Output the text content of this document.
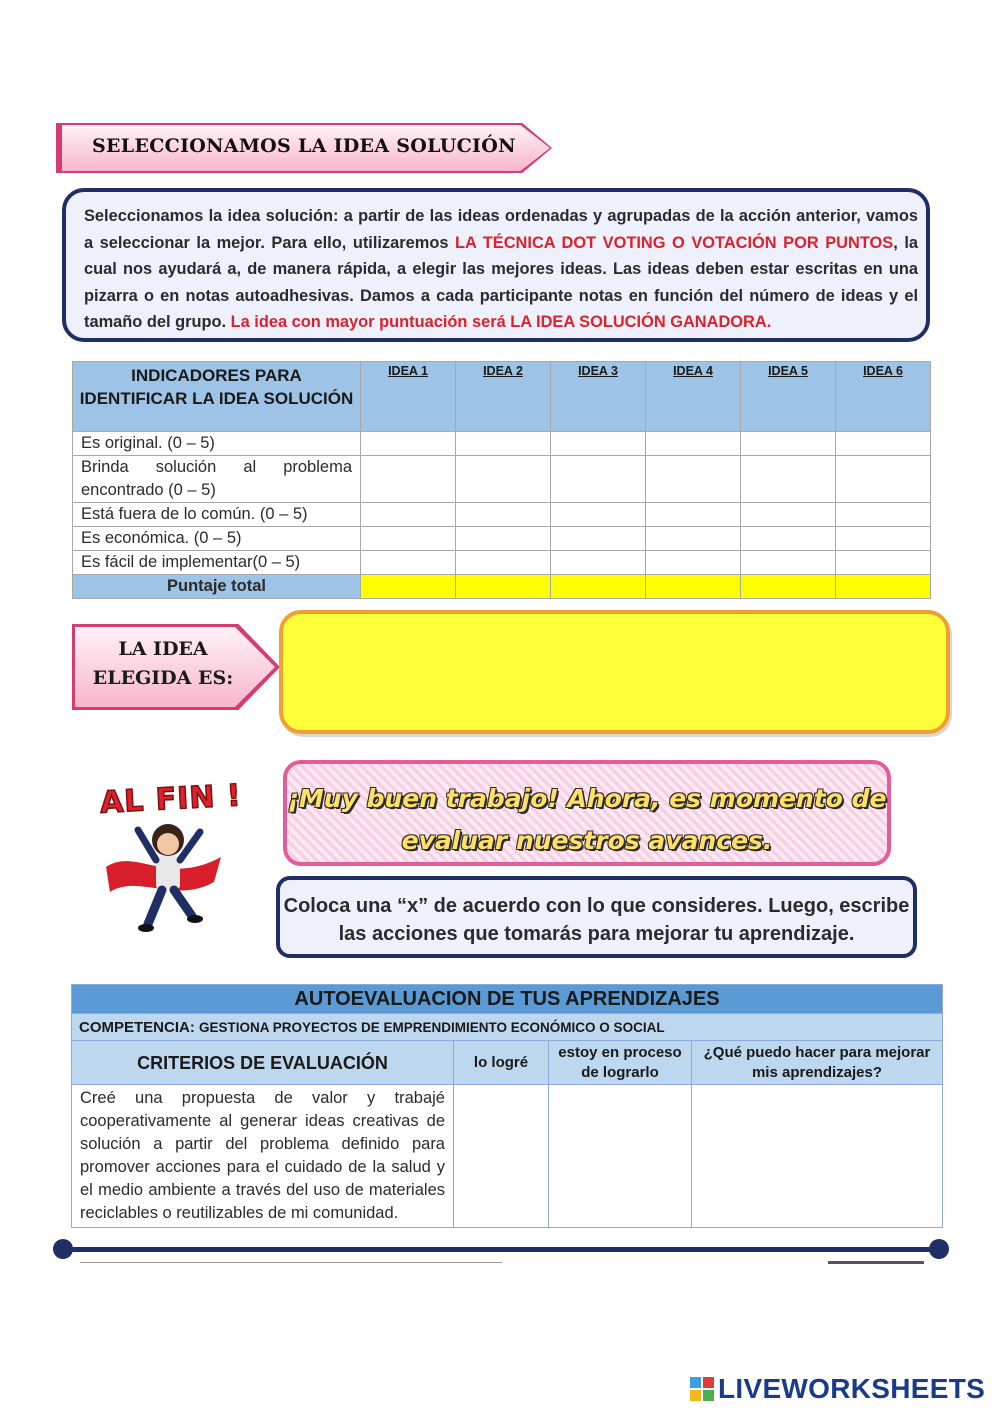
SELECCIONAMOS LA IDEA SOLUCIÓN
Seleccionamos la idea solución: a partir de las ideas ordenadas y agrupadas de la acción anterior, vamos a seleccionar la mejor. Para ello, utilizaremos LA TÉCNICA DOT VOTING O VOTACIÓN POR PUNTOS, la cual nos ayudará a, de manera rápida, a elegir las mejores ideas. Las ideas deben estar escritas en una pizarra o en notas autoadhesivas. Damos a cada participante notas en función del número de ideas y el tamaño del grupo. La idea con mayor puntuación será LA IDEA SOLUCIÓN GANADORA.
INDICADORES PARA IDENTIFICAR LA IDEA SOLUCIÓN	IDEA 1	IDEA 2	IDEA 3	IDEA 4	IDEA 5	IDEA 6
Es original. (0 – 5)						
Brinda solución al problema encontrado (0 – 5)						
Está fuera de lo común. (0 – 5)						
Es económica. (0 – 5)						
Es fácil de implementar(0 – 5)						
Puntaje total						
LA IDEA
ELEGIDA ES:
AL FIN ! ¡Muy buen trabajo! Ahora, es momento de
evaluar nuestros avances.
Coloca una “x” de acuerdo con lo que consideres. Luego, escribe
las acciones que tomarás para mejorar tu aprendizaje.
AUTOEVALUACION DE TUS APRENDIZAJES			
COMPETENCIA: GESTIONA PROYECTOS DE EMPRENDIMIENTO ECONÓMICO O SOCIAL			
CRITERIOS DE EVALUACIÓN	lo logré	estoy en proceso de lograrlo	¿Qué puedo hacer para mejorar mis aprendizajes?
Creé una propuesta de valor y trabajé cooperativamente al generar ideas creativas de solución a partir del problema definido para promover acciones para el cuidado de la salud y el medio ambiente a través del uso de materiales reciclables o reutilizables de mi comunidad.			
LIVEWORKSHEETS
